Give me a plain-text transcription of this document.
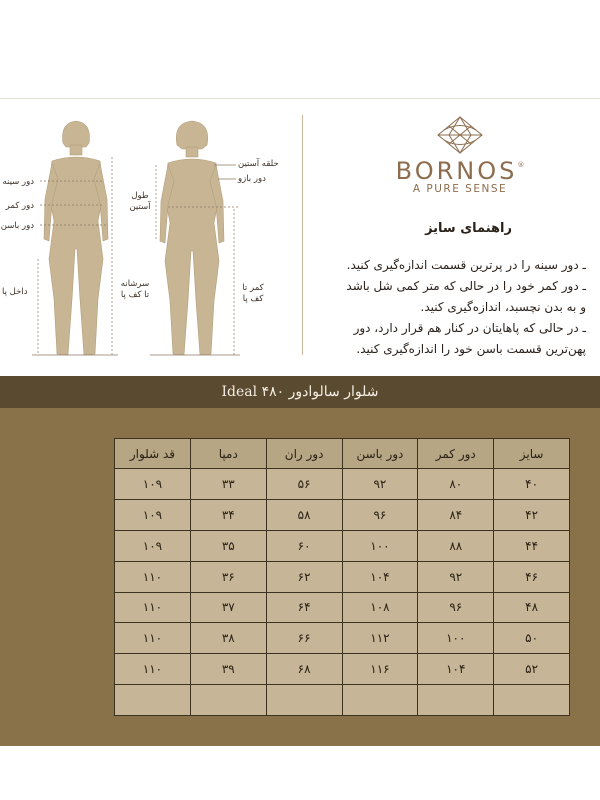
دور سینه
دور کمر
دور باسن
داخل پا
سرشانه
تا کف پا
طول
آستین
حلقه آستین
دور بازو
کمر تا
کف پا
BORNOS®
A PURE SENSE
راهنمای سایز
ـ دور سینه را در پرترین قسمت اندازه‌گیری کنید.
ـ دور کمر خود را در حالی که متر کمی شل باشد
و به بدن نچسبد، اندازه‌گیری کنید.
ـ در حالی که پاهایتان در کنار هم قرار دارد، دور
پهن‌ترین قسمت باسن خود را اندازه‌گیری کنید.
شلوار سالوادور ۴۸۰ Ideal
سایز	دور کمر	دور باسن	دور ران	دمپا	قد شلوار
۴۰	۸۰	۹۲	۵۶	۳۳	۱۰۹
۴۲	۸۴	۹۶	۵۸	۳۴	۱۰۹
۴۴	۸۸	۱۰۰	۶۰	۳۵	۱۰۹
۴۶	۹۲	۱۰۴	۶۲	۳۶	۱۱۰
۴۸	۹۶	۱۰۸	۶۴	۳۷	۱۱۰
۵۰	۱۰۰	۱۱۲	۶۶	۳۸	۱۱۰
۵۲	۱۰۴	۱۱۶	۶۸	۳۹	۱۱۰
